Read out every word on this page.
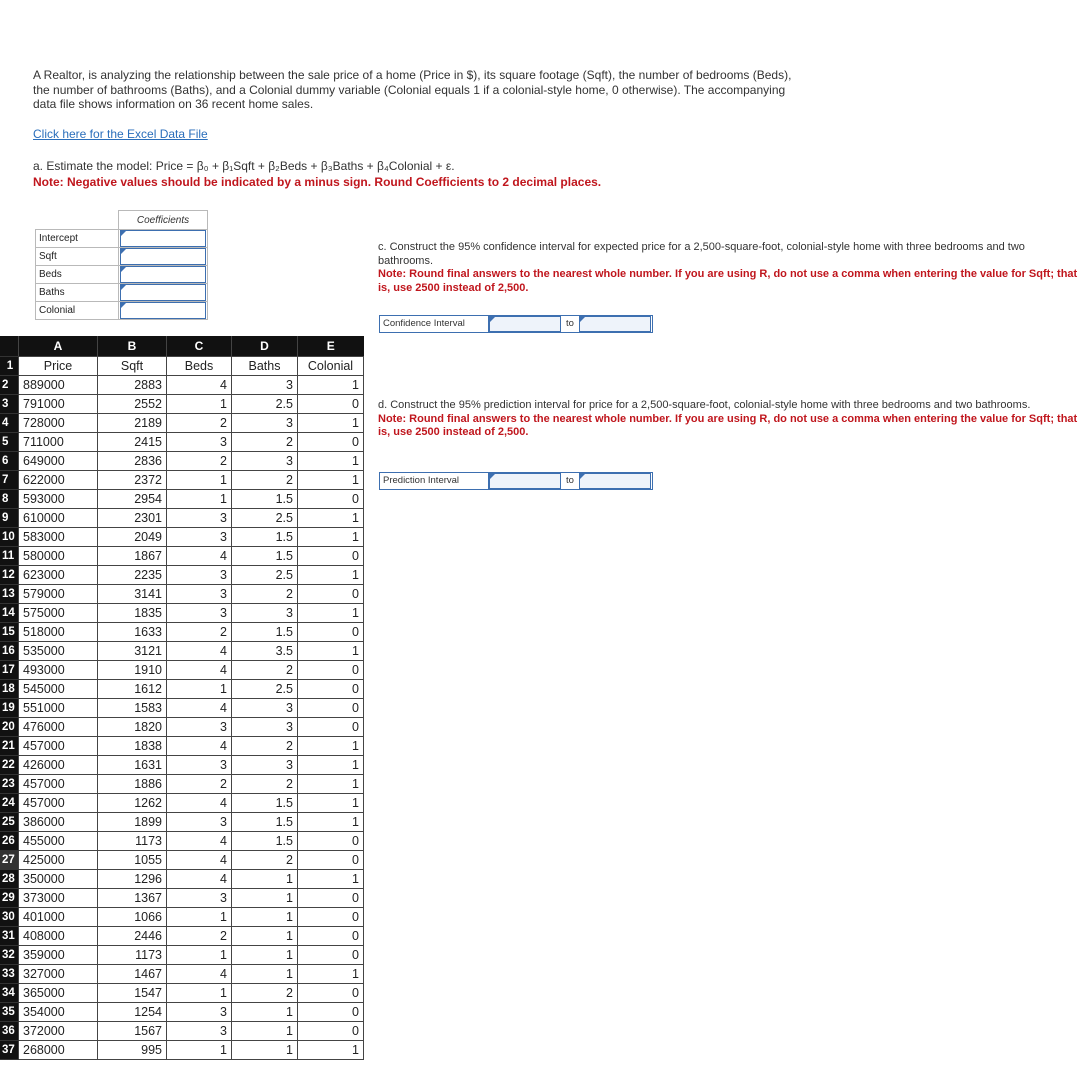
A Realtor, is analyzing the relationship between the sale price of a home (Price in $), its square footage (Sqft), the number of bedrooms (Beds), the number of bathrooms (Baths), and a Colonial dummy variable (Colonial equals 1 if a colonial-style home, 0 otherwise). The accompanying data file shows information on 36 recent home sales.
Click here for the Excel Data File
a. Estimate the model: Price = β₀ + β₁Sqft + β₂Beds + β₃Baths + β₄Colonial + ε.
Note: Negative values should be indicated by a minus sign. Round Coefficients to 2 decimal places.
	Coefficients
Intercept	

Sqft	

Beds	

Baths	

Colonial	
c. Construct the 95% confidence interval for expected price for a 2,500-square-foot, colonial-style home with three bedrooms and two bathrooms.
Note: Round final answers to the nearest whole number. If you are using R, do not use a comma when entering the value for Sqft; that is, use 2500 instead of 2,500.
Confidence Interval	to
d. Construct the 95% prediction interval for price for a 2,500-square-foot, colonial-style home with three bedrooms and two bathrooms.
Note: Round final answers to the nearest whole number. If you are using R, do not use a comma when entering the value for Sqft; that is, use 2500 instead of 2,500.
Prediction Interval	to
	A	B	C	D	E
1	Price	Sqft	Beds	Baths	Colonial
2	889000	2883	4	3	1
3	791000	2552	1	2.5	0
4	728000	2189	2	3	1
5	711000	2415	3	2	0
6	649000	2836	2	3	1
7	622000	2372	1	2	1
8	593000	2954	1	1.5	0
9	610000	2301	3	2.5	1
10	583000	2049	3	1.5	1
11	580000	1867	4	1.5	0
12	623000	2235	3	2.5	1
13	579000	3141	3	2	0
14	575000	1835	3	3	1
15	518000	1633	2	1.5	0
16	535000	3121	4	3.5	1
17	493000	1910	4	2	0
18	545000	1612	1	2.5	0
19	551000	1583	4	3	0
20	476000	1820	3	3	0
21	457000	1838	4	2	1
22	426000	1631	3	3	1
23	457000	1886	2	2	1
24	457000	1262	4	1.5	1
25	386000	1899	3	1.5	1
26	455000	1173	4	1.5	0
27	425000	1055	4	2	0
28	350000	1296	4	1	1
29	373000	1367	3	1	0
30	401000	1066	1	1	0
31	408000	2446	2	1	0
32	359000	1173	1	1	0
33	327000	1467	4	1	1
34	365000	1547	1	2	0
35	354000	1254	3	1	0
36	372000	1567	3	1	0
37	268000	995	1	1	1
